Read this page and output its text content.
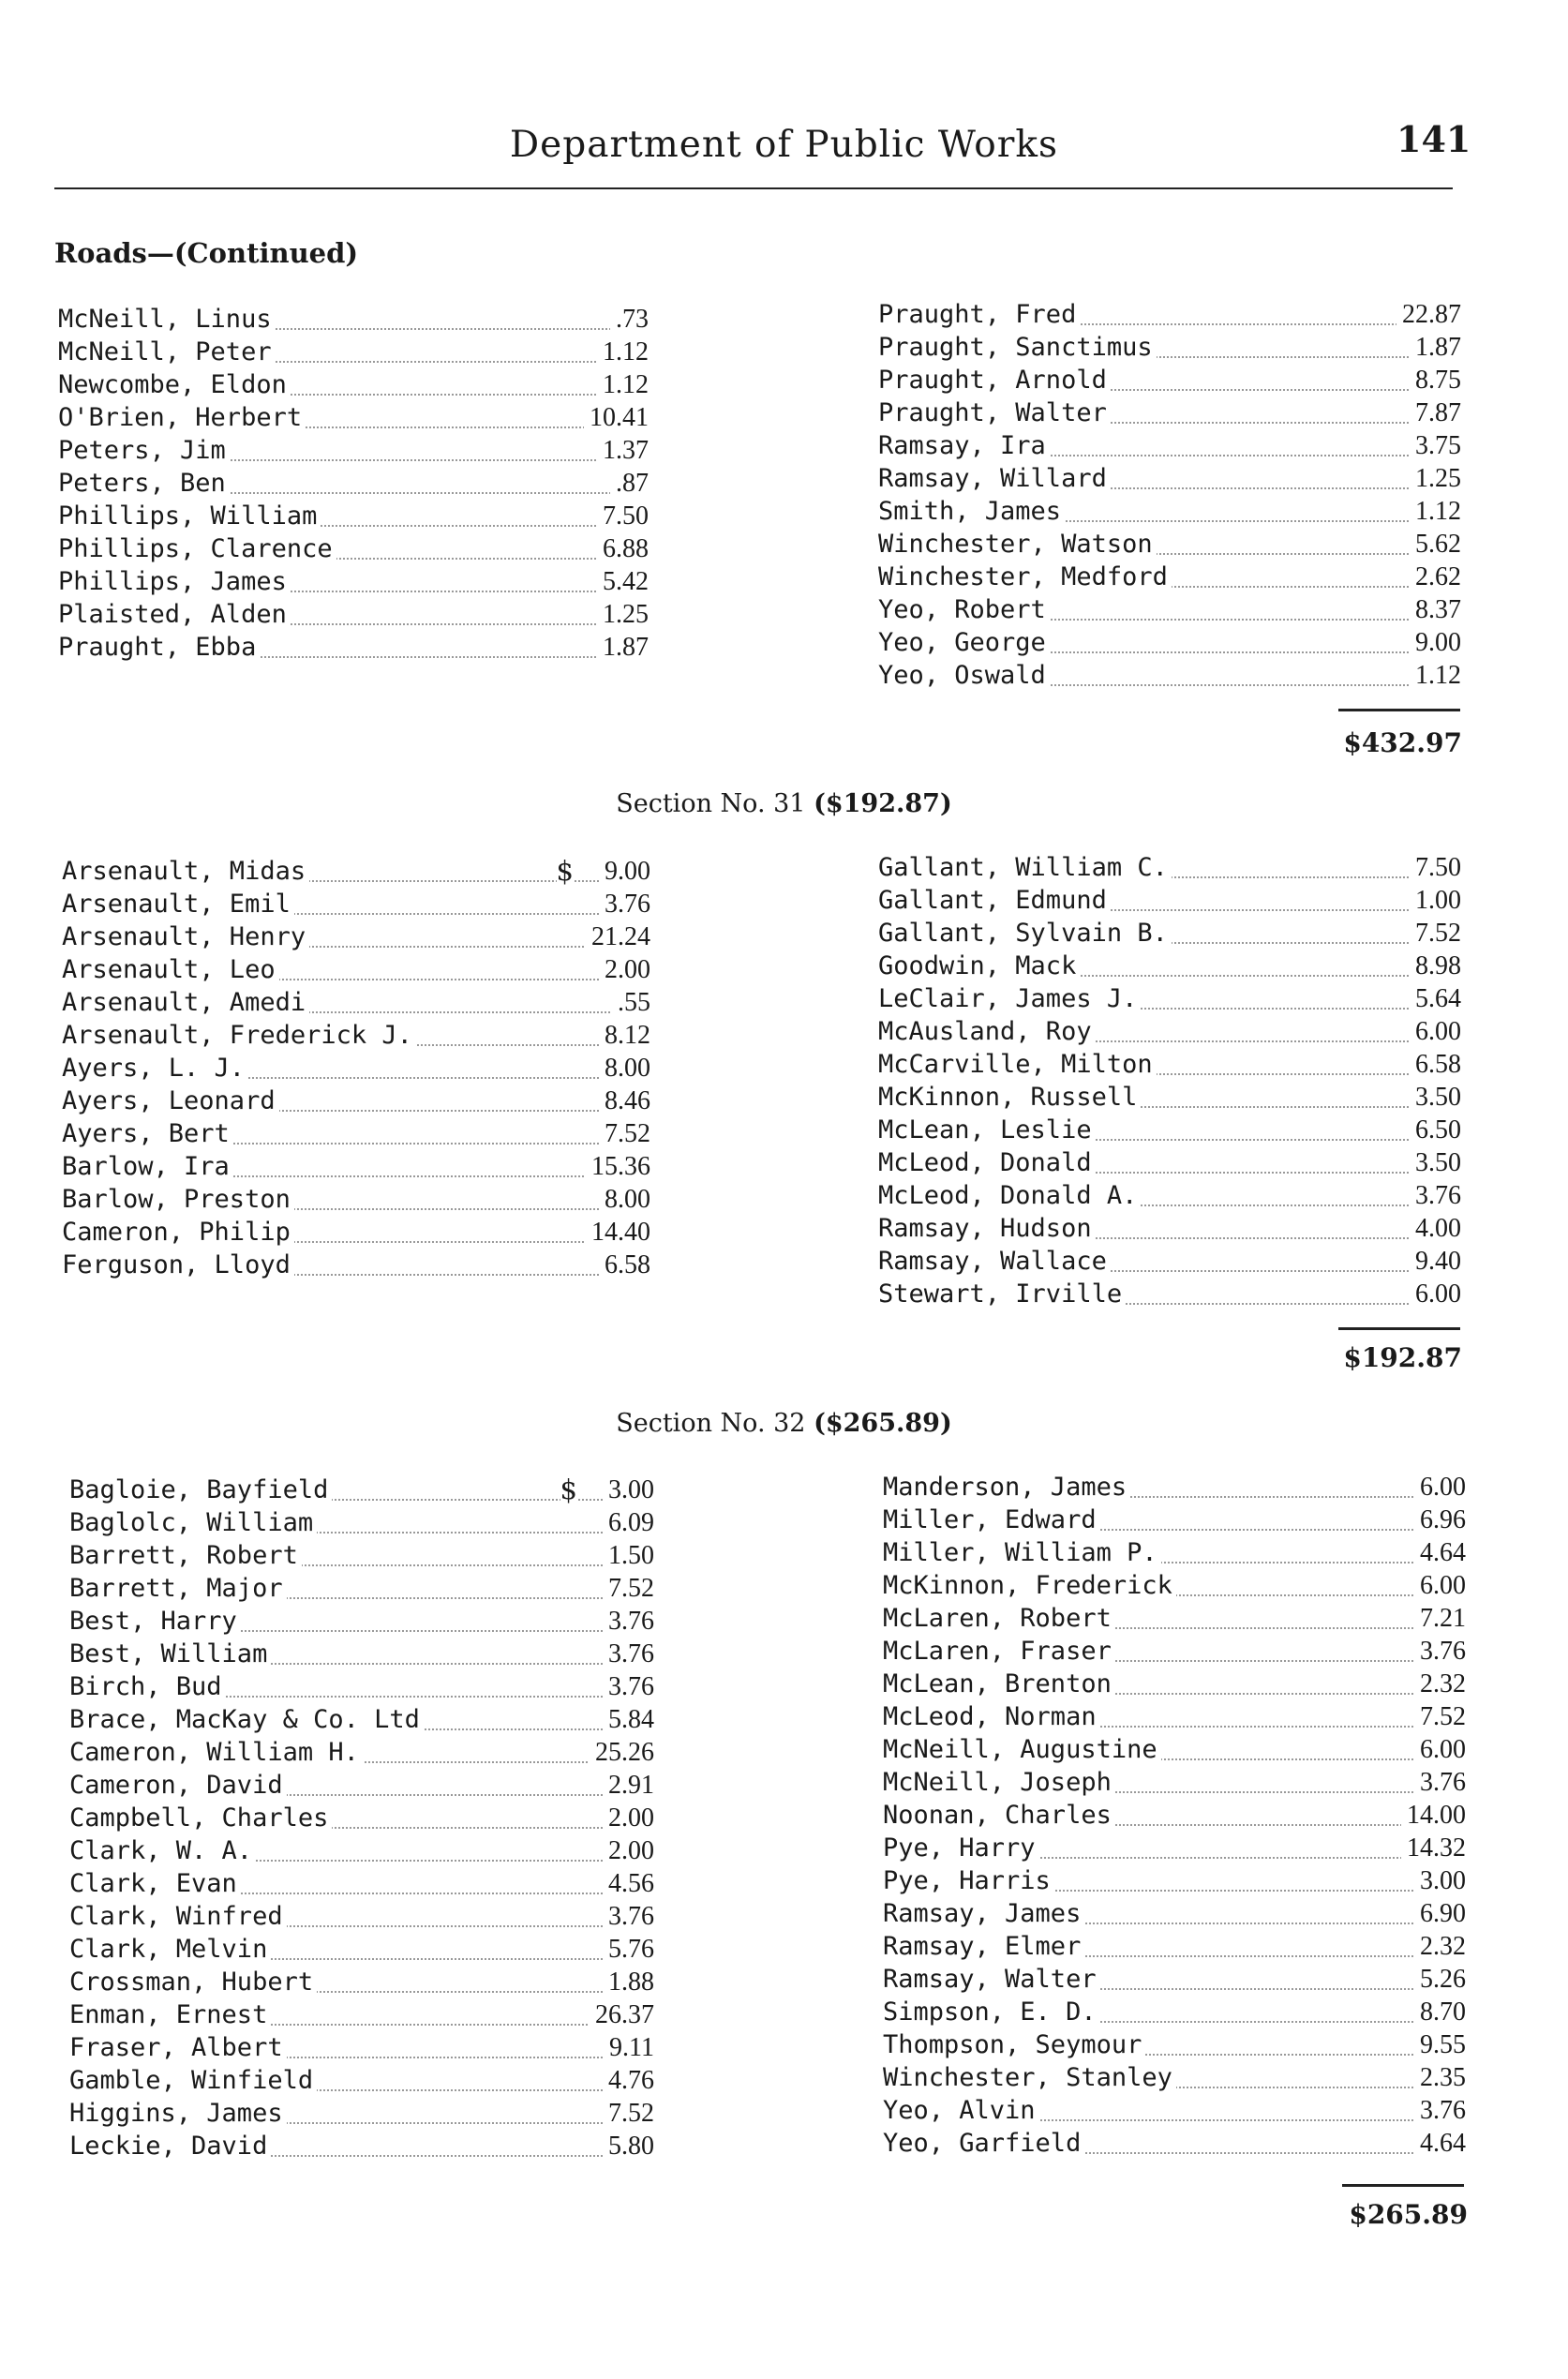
Department of Public Works	141
Roads—(Continued)
McNeill, Linus	.73
McNeill, Peter	1.12
Newcombe, Eldon	1.12
O'Brien, Herbert	10.41
Peters, Jim	1.37
Peters, Ben	.87
Phillips, William	7.50
Phillips, Clarence	6.88
Phillips, James	5.42
Plaisted, Alden	1.25
Praught, Ebba	1.87
Praught, Fred	22.87
Praught, Sanctimus	1.87
Praught, Arnold	8.75
Praught, Walter	7.87
Ramsay, Ira	3.75
Ramsay, Willard	1.25
Smith, James	1.12
Winchester, Watson	5.62
Winchester, Medford	2.62
Yeo, Robert	8.37
Yeo, George	9.00
Yeo, Oswald	1.12
$432.97
Section No. 31 ($192.87)
Arsenault, Midas	$ 9.00
Arsenault, Emil	3.76
Arsenault, Henry	21.24
Arsenault, Leo	2.00
Arsenault, Amedi	.55
Arsenault, Frederick J.	8.12
Ayers, L. J.	8.00
Ayers, Leonard	8.46
Ayers, Bert	7.52
Barlow, Ira	15.36
Barlow, Preston	8.00
Cameron, Philip	14.40
Ferguson, Lloyd	6.58
Gallant, William C.	7.50
Gallant, Edmund	1.00
Gallant, Sylvain B.	7.52
Goodwin, Mack	8.98
LeClair, James J.	5.64
McAusland, Roy	6.00
McCarville, Milton	6.58
McKinnon, Russell	3.50
McLean, Leslie	6.50
McLeod, Donald	3.50
McLeod, Donald A.	3.76
Ramsay, Hudson	4.00
Ramsay, Wallace	9.40
Stewart, Irville	6.00
$192.87
Section No. 32 ($265.89)
Bagloie, Bayfield	$ 3.00
Baglolc, William	6.09
Barrett, Robert	1.50
Barrett, Major	7.52
Best, Harry	3.76
Best, William	3.76
Birch, Bud	3.76
Brace, MacKay & Co. Ltd	5.84
Cameron, William H.	25.26
Cameron, David	2.91
Campbell, Charles	2.00
Clark, W. A.	2.00
Clark, Evan	4.56
Clark, Winfred	3.76
Clark, Melvin	5.76
Crossman, Hubert	1.88
Enman, Ernest	26.37
Fraser, Albert	9.11
Gamble, Winfield	4.76
Higgins, James	7.52
Leckie, David	5.80
Manderson, James	6.00
Miller, Edward	6.96
Miller, William P.	4.64
McKinnon, Frederick	6.00
McLaren, Robert	7.21
McLaren, Fraser	3.76
McLean, Brenton	2.32
McLeod, Norman	7.52
McNeill, Augustine	6.00
McNeill, Joseph	3.76
Noonan, Charles	14.00
Pye, Harry	14.32
Pye, Harris	3.00
Ramsay, James	6.90
Ramsay, Elmer	2.32
Ramsay, Walter	5.26
Simpson, E. D.	8.70
Thompson, Seymour	9.55
Winchester, Stanley	2.35
Yeo, Alvin	3.76
Yeo, Garfield	4.64
$265.89
